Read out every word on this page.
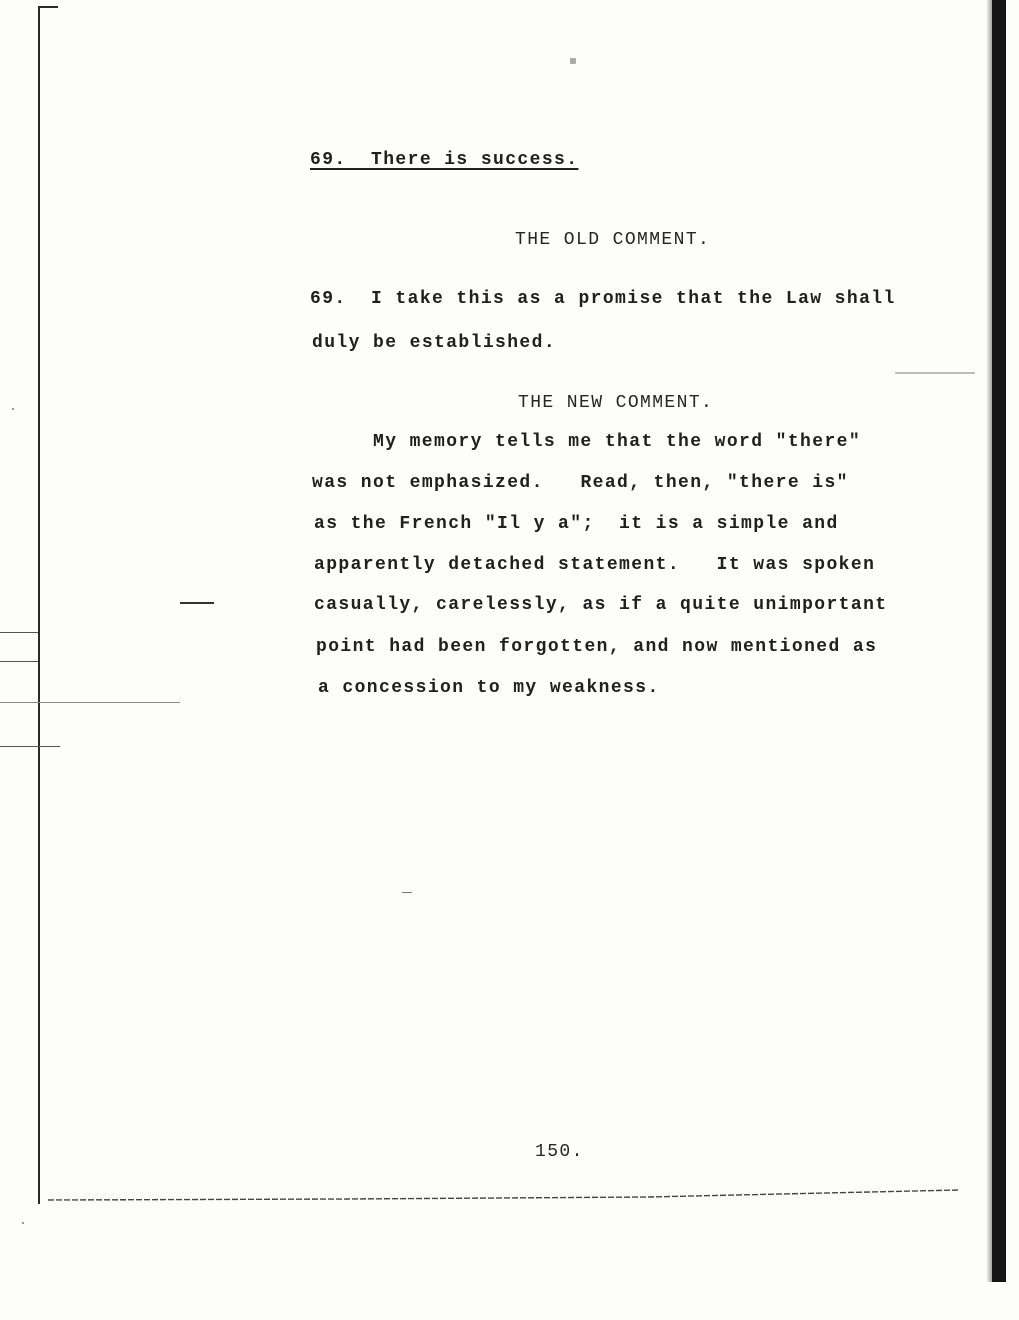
69.  There is success.
THE OLD COMMENT.
69.  I take this as a promise that the Law shall
duly be established.
THE NEW COMMENT.
My memory tells me that the word "there"
was not emphasized.   Read, then, "there is"
as the French "Il y a";  it is a simple and
apparently detached statement.   It was spoken
casually, carelessly, as if a quite unimportant
point had been forgotten, and now mentioned as
a concession to my weakness.
150.
